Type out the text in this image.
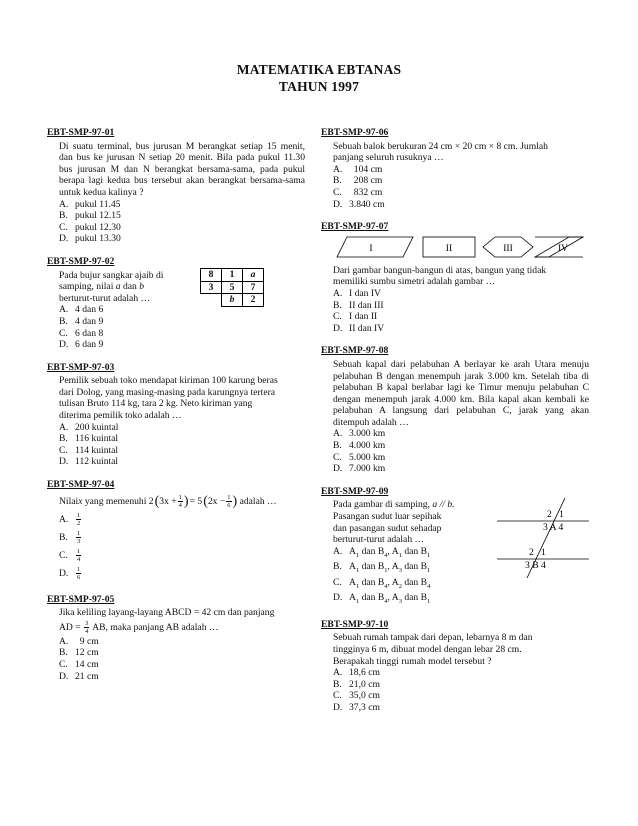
MATEMATIKA EBTANAS
TAHUN 1997
EBT-SMP-97-01
Di suatu terminal, bus jurusan M berangkat setiap 15 menit, dan bus ke jurusan N setiap 20 menit. Bila pada pukul 11.30 bus jurusan M dan N berangkat bersama-sama, pada pukul berapa lagi kedua bus tersebut akan berangkat bersama-sama untuk kedua kalinya ?
A. pukul 11.45
B. pukul 12.15
C. pukul 12.30
D. pukul 13.30
EBT-SMP-97-02
Pada bujur sangkar ajaib di
samping, nilai a dan b
berturut-turut adalah …
A. 4 dan 6
B. 4 dan 9
C. 6 dan 8
D. 6 dan 9
8	1	a
3	5	7
	b	2
EBT-SMP-97-03
Pemilik sebuah toko mendapat kiriman 100 karung beras
dari Dolog, yang masing-masing pada karungnya tertera
tulisan Bruto 114 kg, tara 2 kg. Neto kiriman yang
diterima pemilik toko adalah …
A. 200 kuintal
B. 116 kuintal
C. 114 kuintal
D. 112 kuintal
EBT-SMP-97-04
Nilai x yang memenuhi 2 ( $3x + \frac{1}{4}$ ) = 5 ( $2x - \frac{1}{6}$ ) adalah …
A.	$\frac{1}{2}$
B.	$\frac{1}{3}$
C.	$\frac{1}{4}$
D.	$\frac{1}{6}$
EBT-SMP-97-05
Jika keliling layang-layang ABCD = 42 cm dan panjang
AD = $\frac{3}{4}$ AB, maka panjang AB adalah …
A. 9 cm
B. 12 cm
C. 14 cm
D. 21 cm
EBT-SMP-97-06
Sebuah balok berukuran 24 cm × 20 cm × 8 cm. Jumlah
panjang seluruh rusuknya …
A. 104 cm
B. 208 cm
C. 832 cm
D. 3.840 cm
EBT-SMP-97-07
I	II	III	IV
Dari gambar bangun-bangun di atas, bangun yang tidak
memiliki sumbu simetri adalah gambar …
A. I dan IV
B. II dan III
C. I dan II
D. II dan IV
EBT-SMP-97-08
Sebuah kapal dari pelabuhan A berlayar ke arah Utara menuju pelabuhan B dengan menempuh jarak 3.000 km. Setelah tiba di pelabuhan B kapal berlabar lagi ke Timur menuju pelabuhan C dengan menempuh jarak 4.000 km. Bila kapal akan kembali ke pelabuhan A langsung dari pelabuhan C, jarak yang akan ditempuh adalah …
A. 3.000 km
B. 4.000 km
C. 5.000 km
D. 7.000 km
EBT-SMP-97-09
Pada gambar di samping, a // b.
Pasangan sudut luar sepihak
dan pasangan sudut sehadap
berturut-turut adalah …
A. $A_1$ dan $B_4$, $A_1$ dan $B_1$
B. $A_1$ dan $B_1$, $A_3$ dan $B_1$
C. $A_1$ dan $B_4$, $A_2$ dan $B_4$
D. $A_1$ dan $B_4$, $A_3$ dan $B_1$
2   1
3 A 4
2   1
3 B 4
EBT-SMP-97-10
Sebuah rumah tampak dari depan, lebarnya 8 m dan
tingginya 6 m, dibuat model dengan lebar 28 cm.
Berapakah tinggi rumah model tersebut ?
A. 18,6 cm
B. 21,0 cm
C. 35,0 cm
D. 37,3 cm
